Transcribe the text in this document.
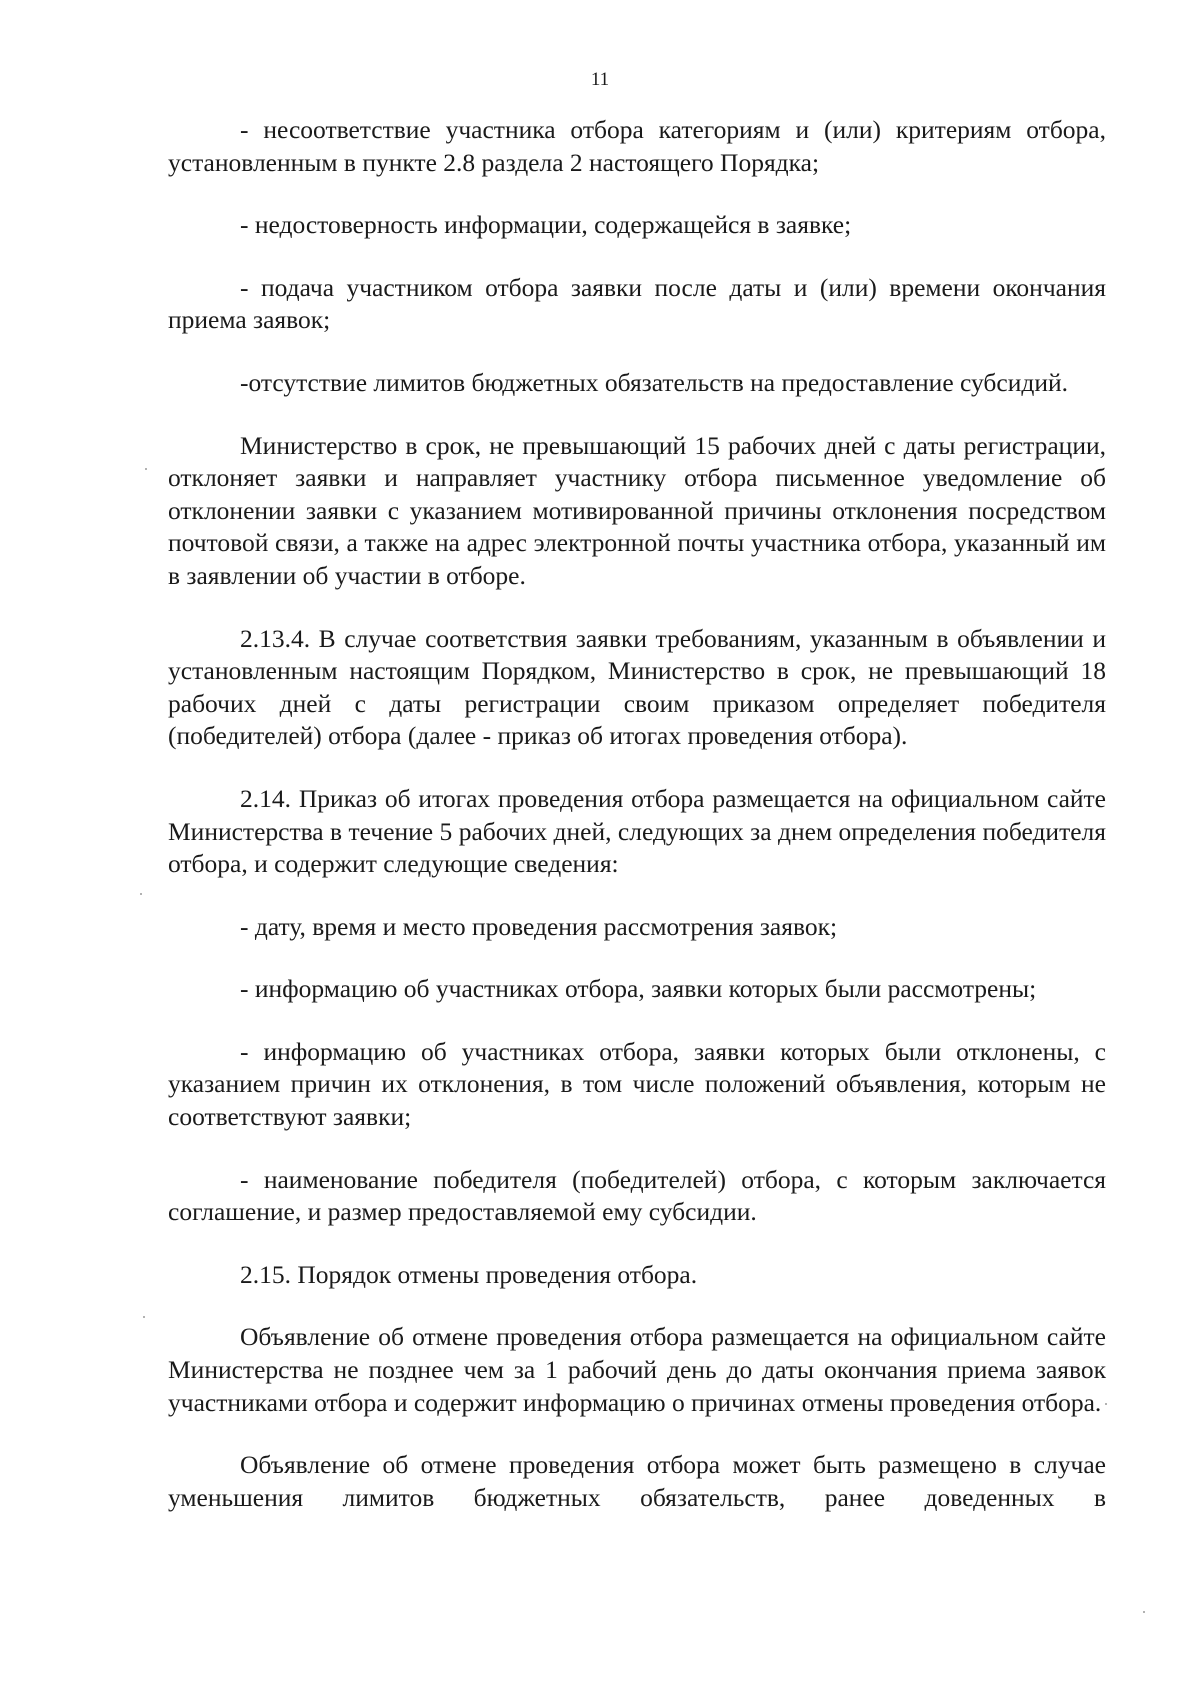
11

- несоответствие участника отбора категориям и (или) критериям отбора, установленным в пункте 2.8 раздела 2 настоящего Порядка;

- недостоверность информации, содержащейся в заявке;

- подача участником отбора заявки после даты и (или) времени окончания приема заявок;

-отсутствие лимитов бюджетных обязательств на предоставление субсидий.

Министерство в срок, не превышающий 15 рабочих дней с даты регистрации, отклоняет заявки и направляет участнику отбора письменное уведомление об отклонении заявки с указанием мотивированной причины отклонения посредством почтовой связи, а также на адрес электронной почты участника отбора, указанный им в заявлении об участии в отборе.

2.13.4. В случае соответствия заявки требованиям, указанным в объявлении и установленным настоящим Порядком, Министерство в срок, не превышающий 18 рабочих дней с даты регистрации своим приказом определяет победителя (победителей) отбора (далее - приказ об итогах проведения отбора).

2.14. Приказ об итогах проведения отбора размещается на официальном сайте Министерства в течение 5 рабочих дней, следующих за днем определения победителя отбора, и содержит следующие сведения:

- дату, время и место проведения рассмотрения заявок;

- информацию об участниках отбора, заявки которых были рассмотрены;

- информацию об участниках отбора, заявки которых были отклонены, с указанием причин их отклонения, в том числе положений объявления, которым не соответствуют заявки;

- наименование победителя (победителей) отбора, с которым заключается соглашение, и размер предоставляемой ему субсидии.

2.15. Порядок отмены проведения отбора.

Объявление об отмене проведения отбора размещается на официальном сайте Министерства не позднее чем за 1 рабочий день до даты окончания приема заявок участниками отбора и содержит информацию о причинах отмены проведения отбора.

Объявление об отмене проведения отбора может быть размещено в случае уменьшения лимитов бюджетных обязательств, ранее доведенных в
